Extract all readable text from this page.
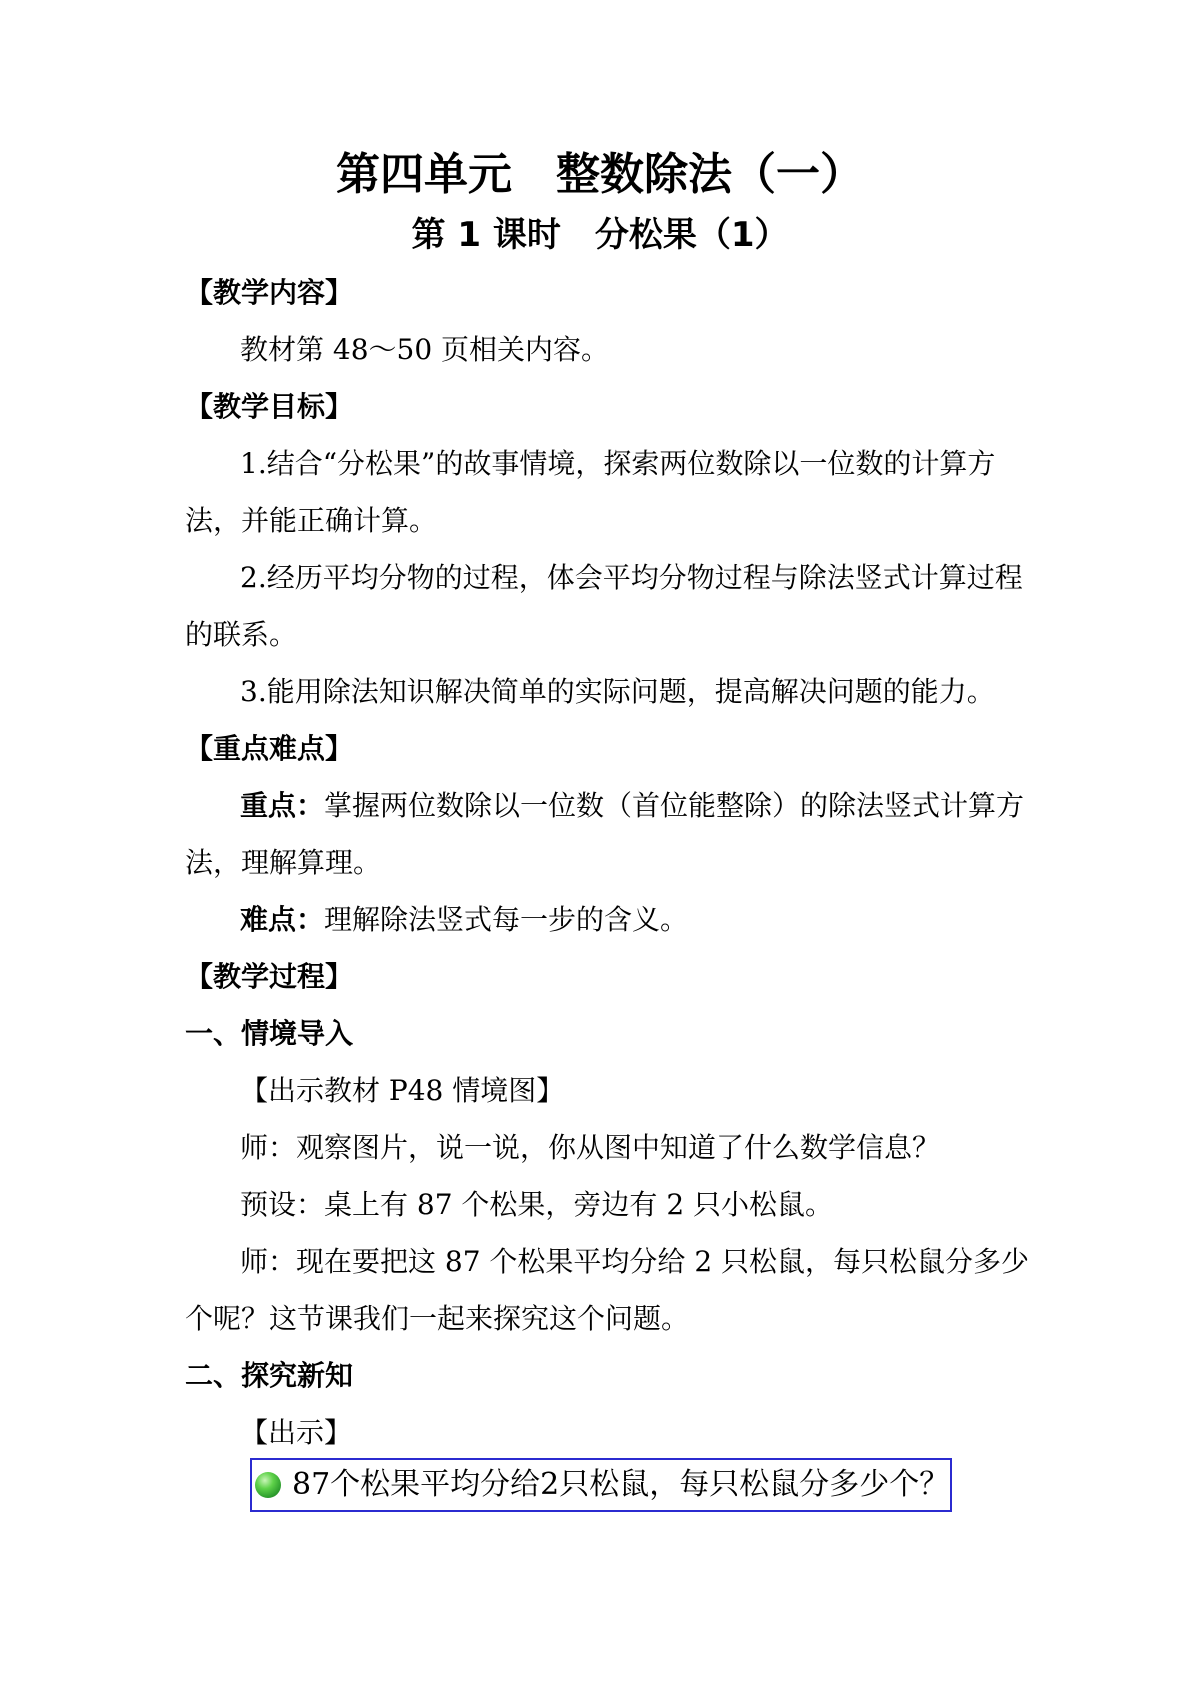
第四单元　整数除法（一）
第 1 课时　分松果（1）
【教学内容】
教材第 48～50 页相关内容。
【教学目标】
1.结合“分松果”的故事情境，探索两位数除以一位数的计算方
法，并能正确计算。
2.经历平均分物的过程，体会平均分物过程与除法竖式计算过程
的联系。
3.能用除法知识解决简单的实际问题，提高解决问题的能力。
【重点难点】
重点：掌握两位数除以一位数（首位能整除）的除法竖式计算方
法，理解算理。
难点：理解除法竖式每一步的含义。
【教学过程】
一、情境导入
【出示教材 P48 情境图】
师：观察图片，说一说，你从图中知道了什么数学信息？
预设：桌上有 87 个松果，旁边有 2 只小松鼠。
师：现在要把这 87 个松果平均分给 2 只松鼠，每只松鼠分多少
个呢？这节课我们一起来探究这个问题。
二、探究新知
【出示】
87个松果平均分给2只松鼠，每只松鼠分多少个？
